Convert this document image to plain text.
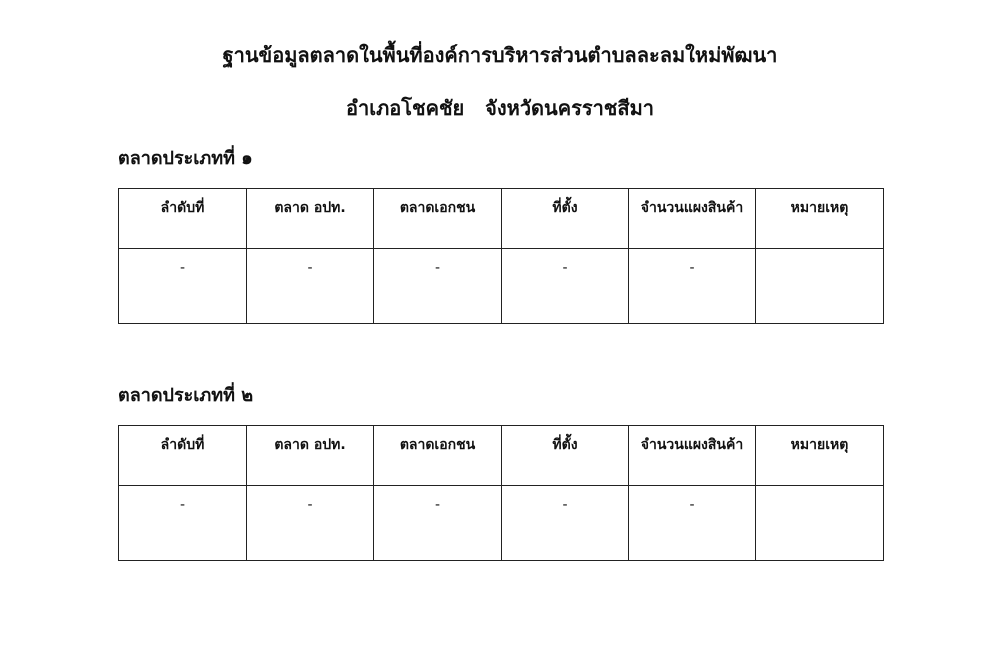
ฐานข้อมูลตลาดในพื้นที่องค์การบริหารส่วนตำบลละลมใหม่พัฒนา
อำเภอโชคชัย   จังหวัดนครราชสีมา
ตลาดประเภทที่ ๑
ลำดับที่	ตลาด อปท.	ตลาดเอกชน	ที่ตั้ง	จำนวนแผงสินค้า	หมายเหตุ
-	-	-	-	-	
ตลาดประเภทที่ ๒
ลำดับที่	ตลาด อปท.	ตลาดเอกชน	ที่ตั้ง	จำนวนแผงสินค้า	หมายเหตุ
-	-	-	-	-	
